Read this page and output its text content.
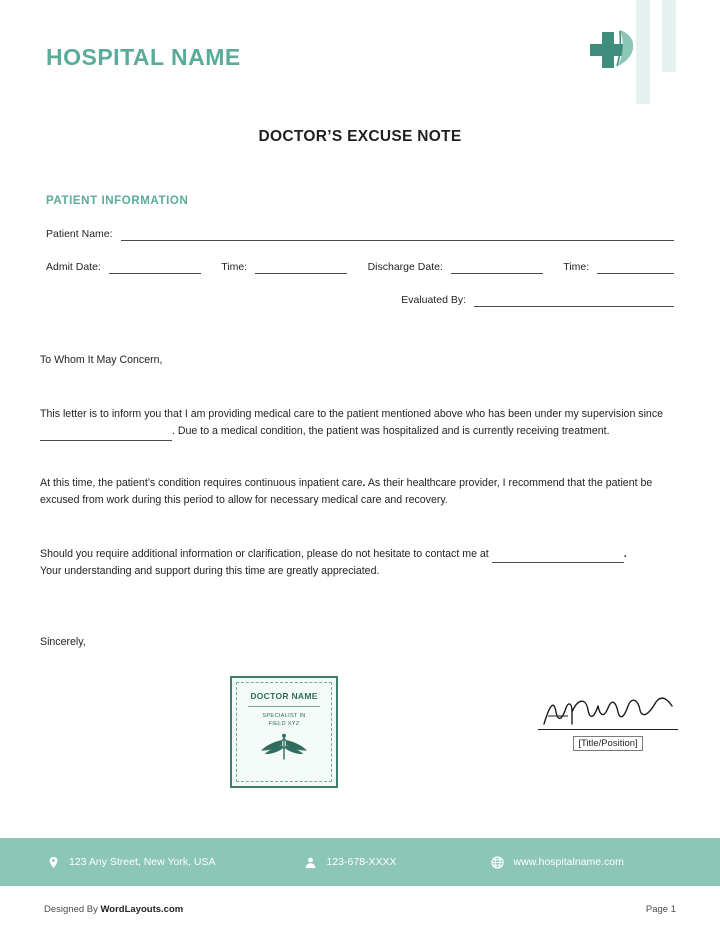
HOSPITAL NAME
DOCTOR’S EXCUSE NOTE
PATIENT INFORMATION
Patient Name:
Admit Date:	Time:	Discharge Date:	Time:
Evaluated By:
To Whom It May Concern,
This letter is to inform you that I am providing medical care to the patient mentioned above who has been under my supervision since . Due to a medical condition, the patient was hospitalized and is currently receiving treatment.
At this time, the patient’s condition requires continuous inpatient care. As their healthcare provider, I recommend that the patient be excused from work during this period to allow for necessary medical care and recovery.
Should you require additional information or clarification, please do not hesitate to contact me at	.
Your understanding and support during this time are greatly appreciated.
Sincerely,
DOCTOR NAME
SPECIALIST IN
FIELD XYZ
[Title/Position]
123 Any Street, New York, USA	123-678-XXXX	www.hospitalname.com
Designed By WordLayouts.com	Page 1
